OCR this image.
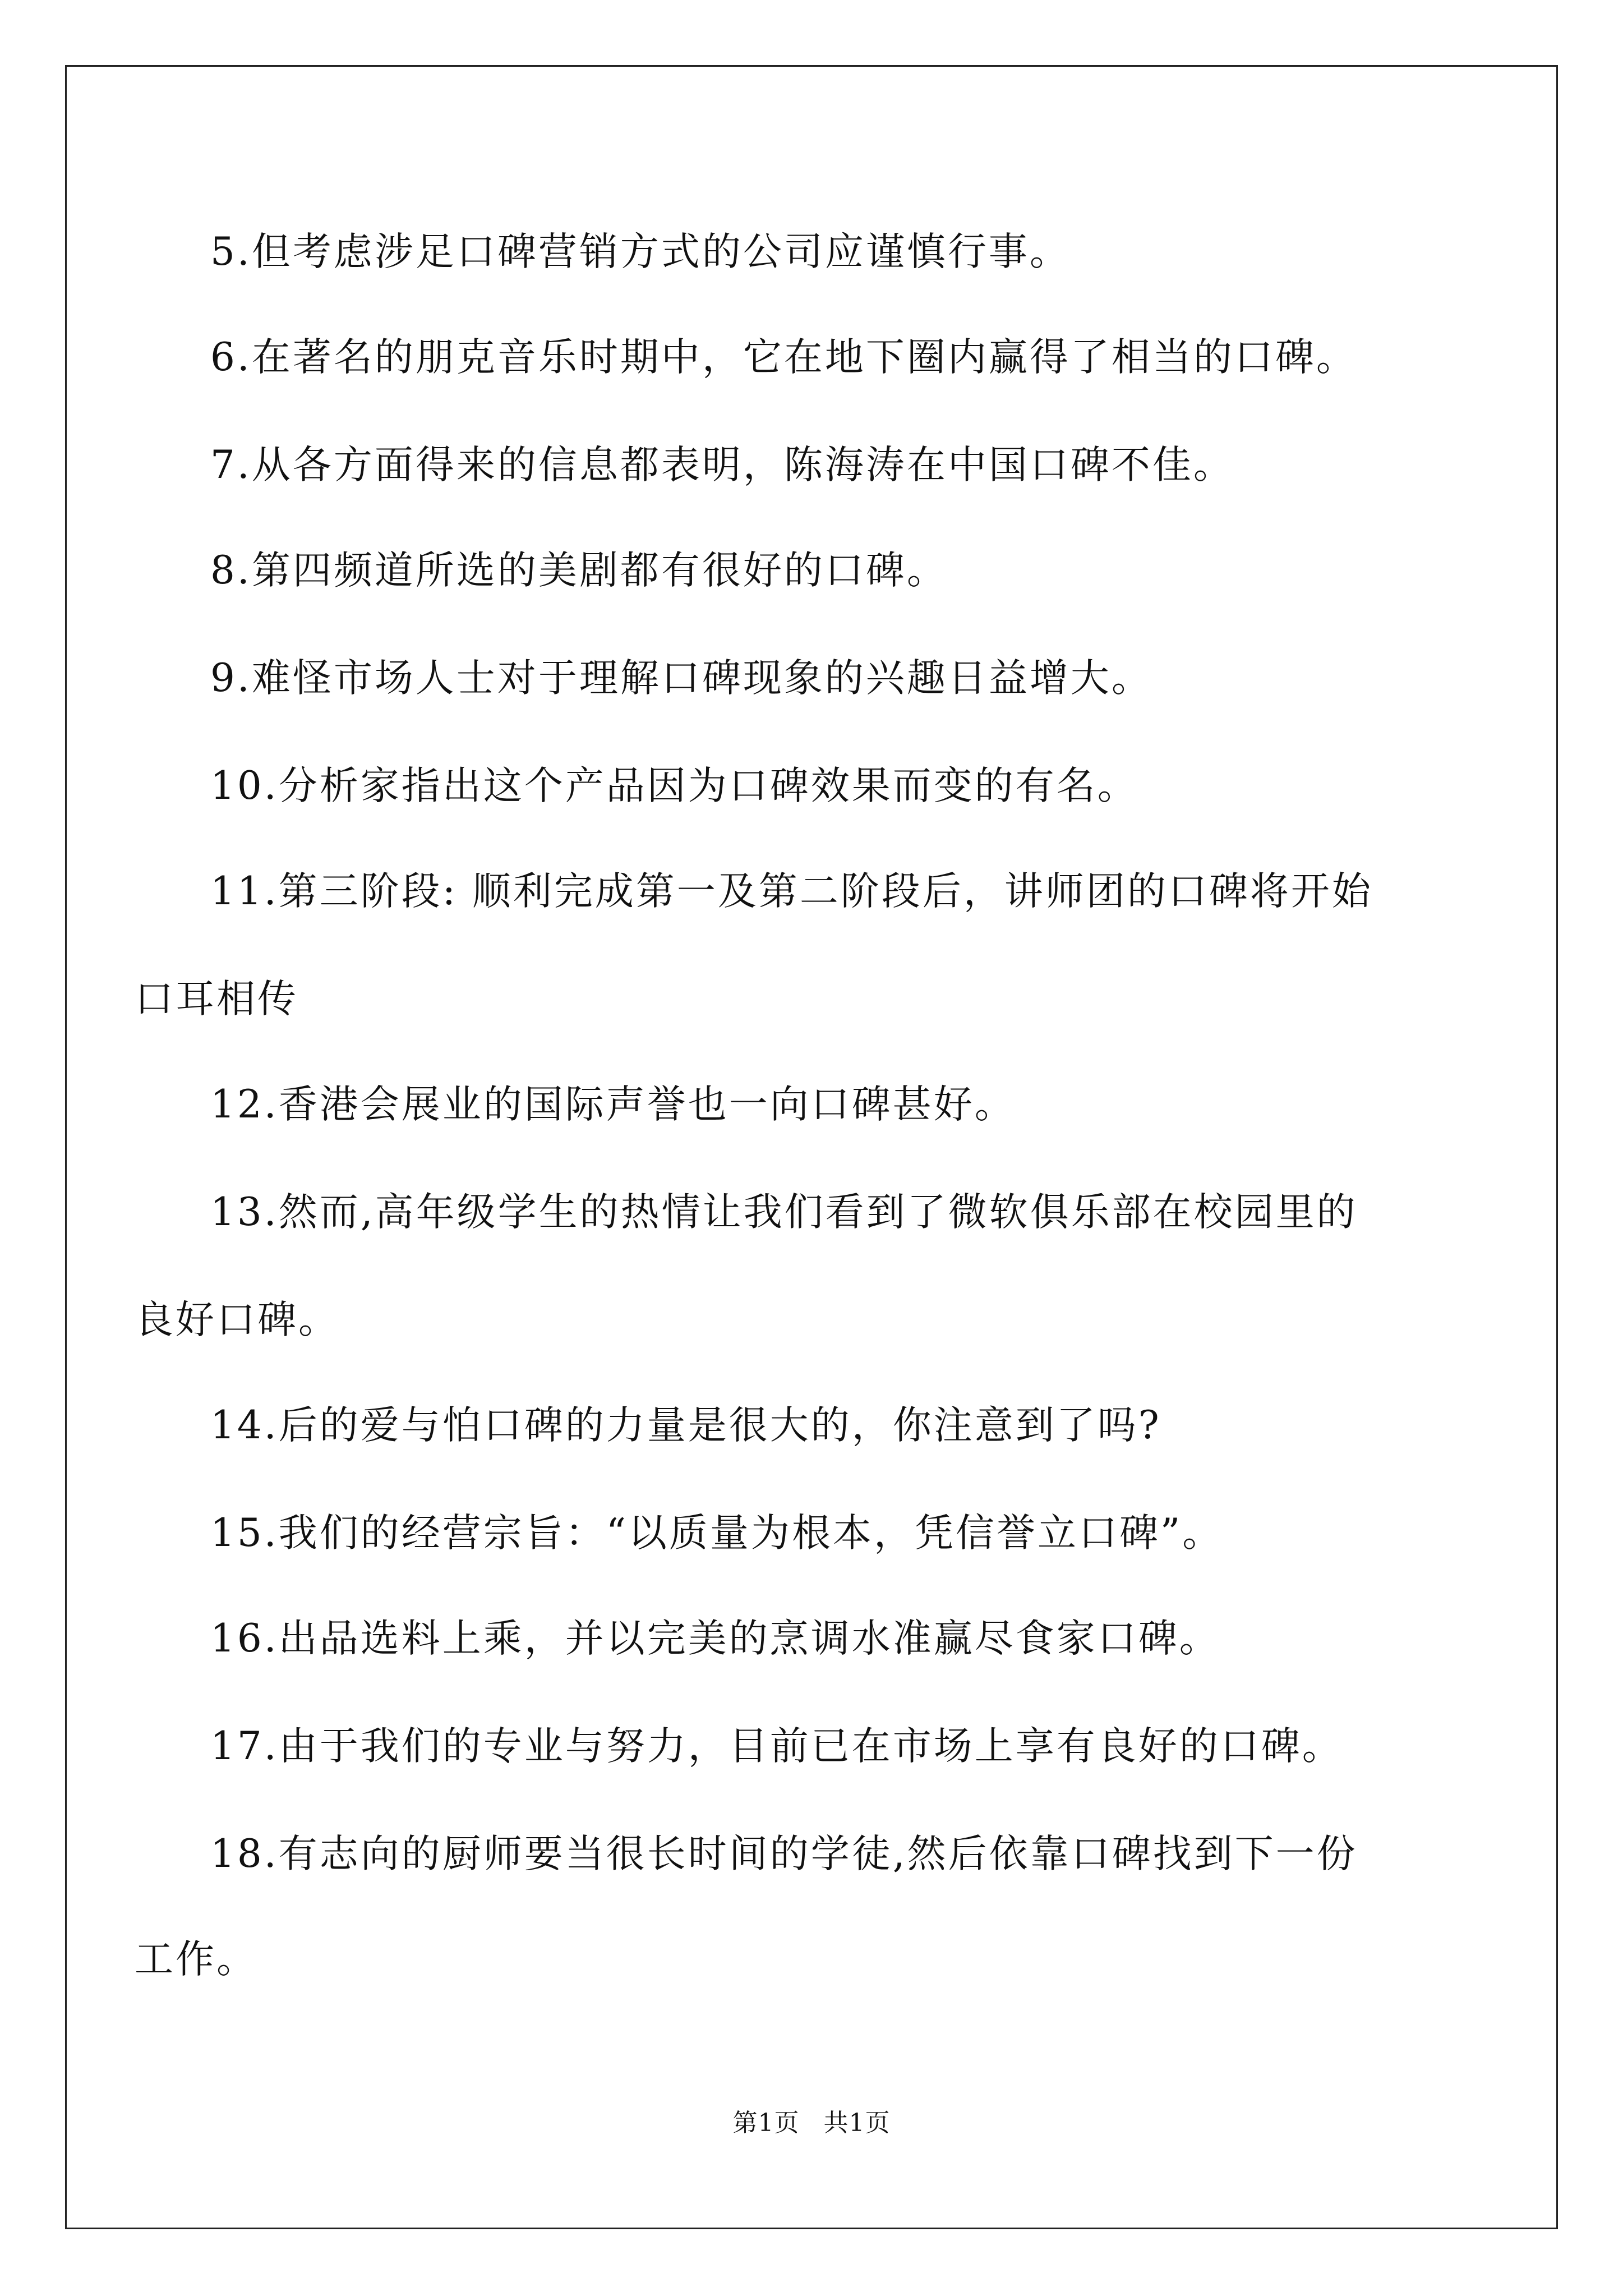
5.但考虑涉足口碑营销方式的公司应谨慎行事。
6.在著名的朋克音乐时期中，它在地下圈内赢得了相当的口碑。
7.从各方面得来的信息都表明，陈海涛在中国口碑不佳。
8.第四频道所选的美剧都有很好的口碑。
9.难怪市场人士对于理解口碑现象的兴趣日益增大。
10.分析家指出这个产品因为口碑效果而变的有名。
11.第三阶段: 顺利完成第一及第二阶段后，讲师团的口碑将开始
口耳相传
12.香港会展业的国际声誉也一向口碑甚好。
13.然而,高年级学生的热情让我们看到了微软俱乐部在校园里的
良好口碑。
14.后的爱与怕口碑的力量是很大的，你注意到了吗?
15.我们的经营宗旨：“以质量为根本，凭信誉立口碑”。
16.出品选料上乘，并以完美的烹调水准赢尽食家口碑。
17.由于我们的专业与努力，目前已在市场上享有良好的口碑。
18.有志向的厨师要当很长时间的学徒,然后依靠口碑找到下一份
工作。
第1页 共1页
